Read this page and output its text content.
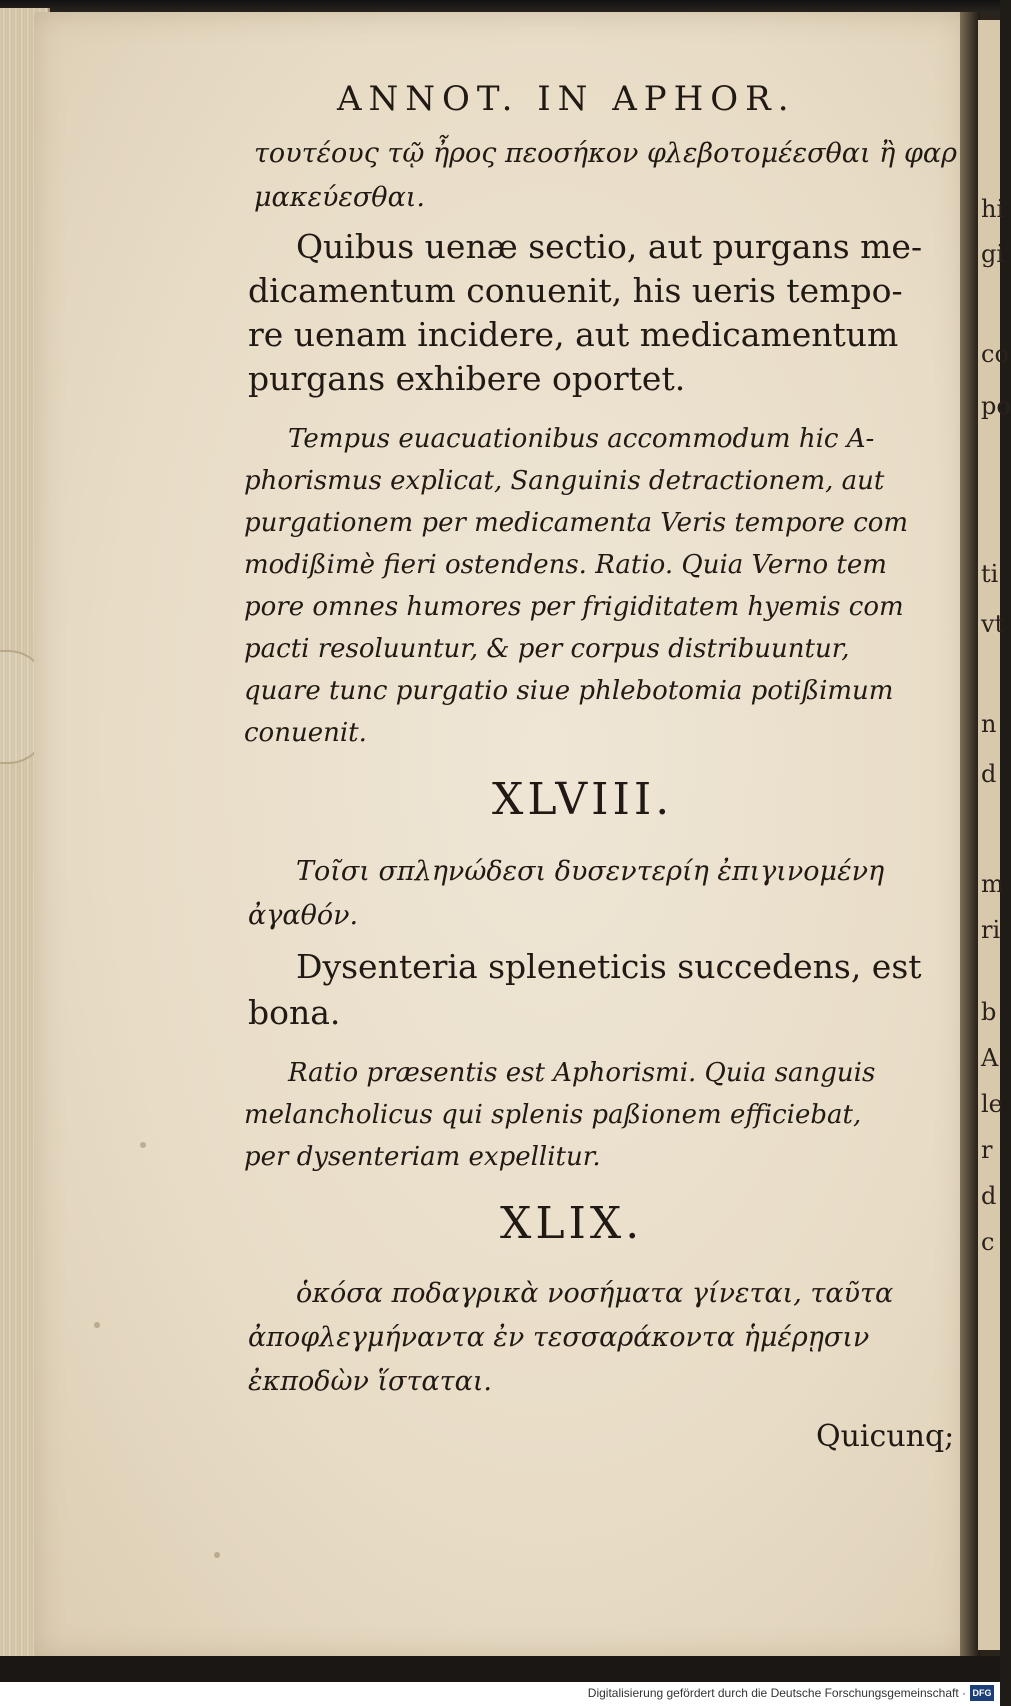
ANNOT. IN APHOR.
τουτέους τῷ ἦρος πεοσήκον φλεβοτομέεσθαι ἢ φαρ
μακεύεσθαι.
Quibus uenæ sectio, aut purgans me-
dicamentum conuenit, his ueris tempo-
re uenam incidere, aut medicamentum
purgans exhibere oportet.
Tempus euacuationibus accommodum hic A-
phorismus explicat, Sanguinis detractionem, aut
purgationem per medicamenta Veris tempore com
modißimè fieri ostendens. Ratio. Quia Verno tem
pore omnes humores per frigiditatem hyemis com
pacti resoluuntur, & per corpus distribuuntur,
quare tunc purgatio siue phlebotomia potißimum
conuenit.
XLVIII.
Τοῖσι σπληνώδεσι δυσεντερίη ἐπιγινομένη
ἀγαθόν.
Dysenteria spleneticis succedens, est
bona.
Ratio præsentis est Aphorismi. Quia sanguis
melancholicus qui splenis paßionem efficiebat,
per dysenteriam expellitur.
XLIX.
ὁκόσα ποδαγρικὰ νοσήματα γίνεται, ταῦτα
ἀποφλεγμήναντα ἐν τεσσαράκοντα ἡμέρῃσιν
ἐκποδὼν ἵσταται.
Quicunq;
hi
gi
co
po
ti
vt
n
d
m
ri
b
A
le
r
d
c
Digitalisierung gefördert durch die Deutsche Forschungsgemeinschaft · DFG
